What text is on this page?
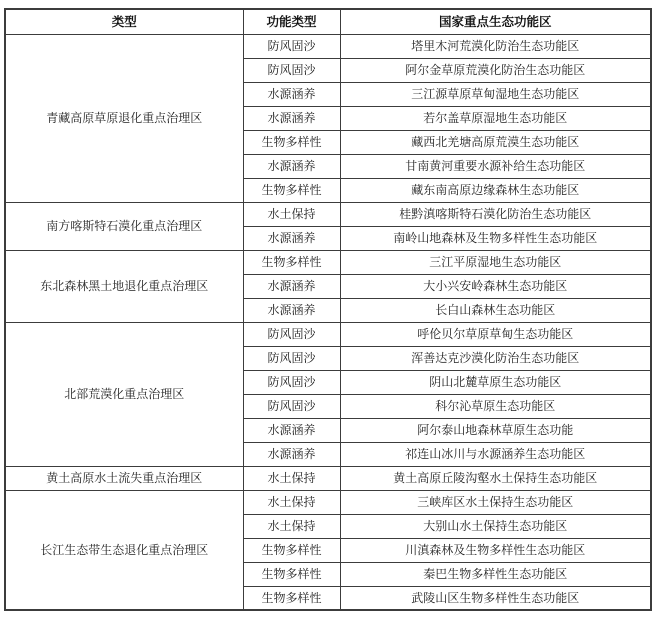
类型	功能类型	国家重点生态功能区
青藏高原草原退化重点治理区	防风固沙	塔里木河荒漠化防治生态功能区
	防风固沙	阿尔金草原荒漠化防治生态功能区
	水源涵养	三江源草原草甸湿地生态功能区
	水源涵养	若尔盖草原湿地生态功能区
	生物多样性	藏西北羌塘高原荒漠生态功能区
	水源涵养	甘南黄河重要水源补给生态功能区
	生物多样性	藏东南高原边缘森林生态功能区
南方喀斯特石漠化重点治理区	水土保持	桂黔滇喀斯特石漠化防治生态功能区
	水源涵养	南岭山地森林及生物多样性生态功能区
东北森林黑土地退化重点治理区	生物多样性	三江平原湿地生态功能区
	水源涵养	大小兴安岭森林生态功能区
	水源涵养	长白山森林生态功能区
北部荒漠化重点治理区	防风固沙	呼伦贝尔草原草甸生态功能区
	防风固沙	浑善达克沙漠化防治生态功能区
	防风固沙	阴山北麓草原生态功能区
	防风固沙	科尔沁草原生态功能区
	水源涵养	阿尔泰山地森林草原生态功能
	水源涵养	祁连山冰川与水源涵养生态功能区
黄土高原水土流失重点治理区	水土保持	黄土高原丘陵沟壑水土保持生态功能区
长江生态带生态退化重点治理区	水土保持	三峡库区水土保持生态功能区
	水土保持	大别山水土保持生态功能区
	生物多样性	川滇森林及生物多样性生态功能区
	生物多样性	秦巴生物多样性生态功能区
	生物多样性	武陵山区生物多样性生态功能区
